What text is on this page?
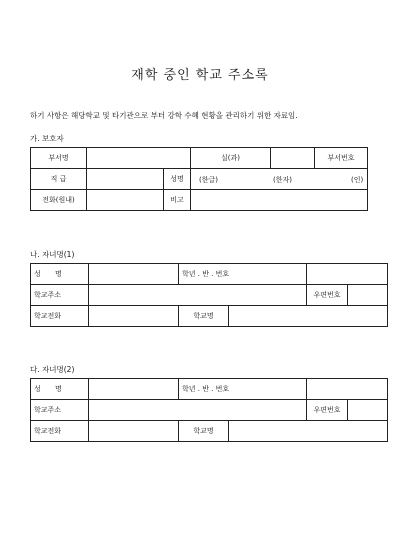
재학 중인 학교 주소록
하기 사항은 해당학교 및 타기관으로 부터 강학 수혜 현황을 관리하기 위한 자료임.
가. 보호자
부서명			실(과)		부서번호
직 급		성명	(한글) (한자) (인)		

전화(원내)		비고			
나. 자녀명(1)
성 명		학년 . 반 . 번호			
학교주소				우편번호	
학교전화		학교명			
다. 자녀명(2)
성 명		학년 . 반 . 번호			
학교주소				우편번호	
학교전화		학교명			
